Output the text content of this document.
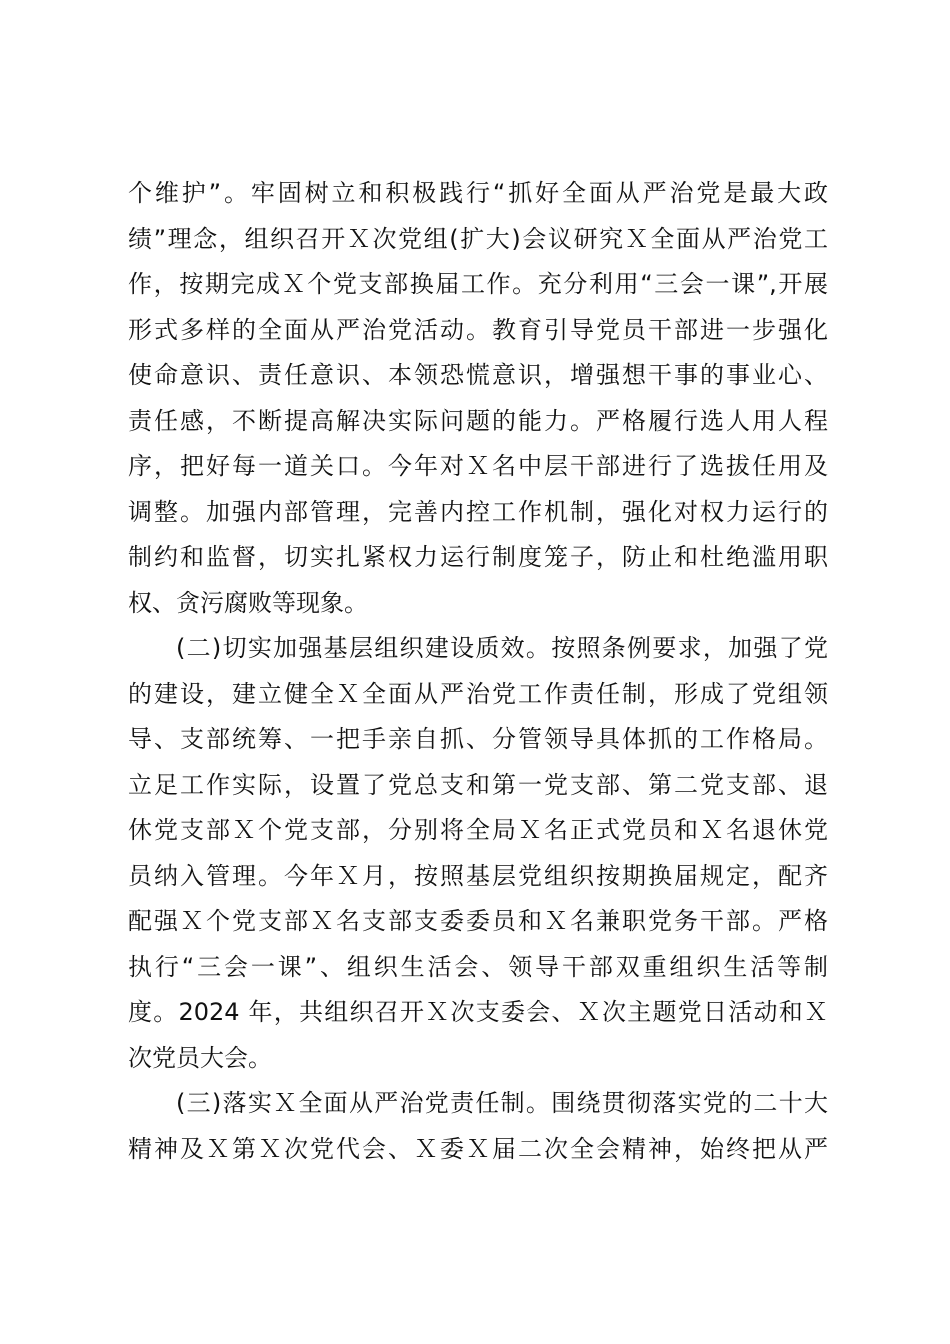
个维护”。牢固树立和积极践行“抓好全面从严治党是最大政
绩”理念，组织召开Ｘ次党组(扩大)会议研究Ｘ全面从严治党工
作，按期完成Ｘ个党支部换届工作。充分利用“三会一课”,开展
形式多样的全面从严治党活动。教育引导党员干部进一步强化
使命意识、责任意识、本领恐慌意识，增强想干事的事业心、
责任感，不断提高解决实际问题的能力。严格履行选人用人程
序，把好每一道关口。今年对Ｘ名中层干部进行了选拔任用及
调整。加强内部管理，完善内控工作机制，强化对权力运行的
制约和监督，切实扎紧权力运行制度笼子，防止和杜绝滥用职
权、贪污腐败等现象。
(二)切实加强基层组织建设质效。按照条例要求，加强了党
的建设，建立健全Ｘ全面从严治党工作责任制，形成了党组领
导、支部统筹、一把手亲自抓、分管领导具体抓的工作格局。
立足工作实际，设置了党总支和第一党支部、第二党支部、退
休党支部Ｘ个党支部，分别将全局Ｘ名正式党员和Ｘ名退休党
员纳入管理。今年Ｘ月，按照基层党组织按期换届规定，配齐
配强Ｘ个党支部Ｘ名支部支委委员和Ｘ名兼职党务干部。严格
执行“三会一课”、组织生活会、领导干部双重组织生活等制
度。2024 年，共组织召开Ｘ次支委会、Ｘ次主题党日活动和Ｘ
次党员大会。
(三)落实Ｘ全面从严治党责任制。围绕贯彻落实党的二十大
精神及Ｘ第Ｘ次党代会、Ｘ委Ｘ届二次全会精神，始终把从严
